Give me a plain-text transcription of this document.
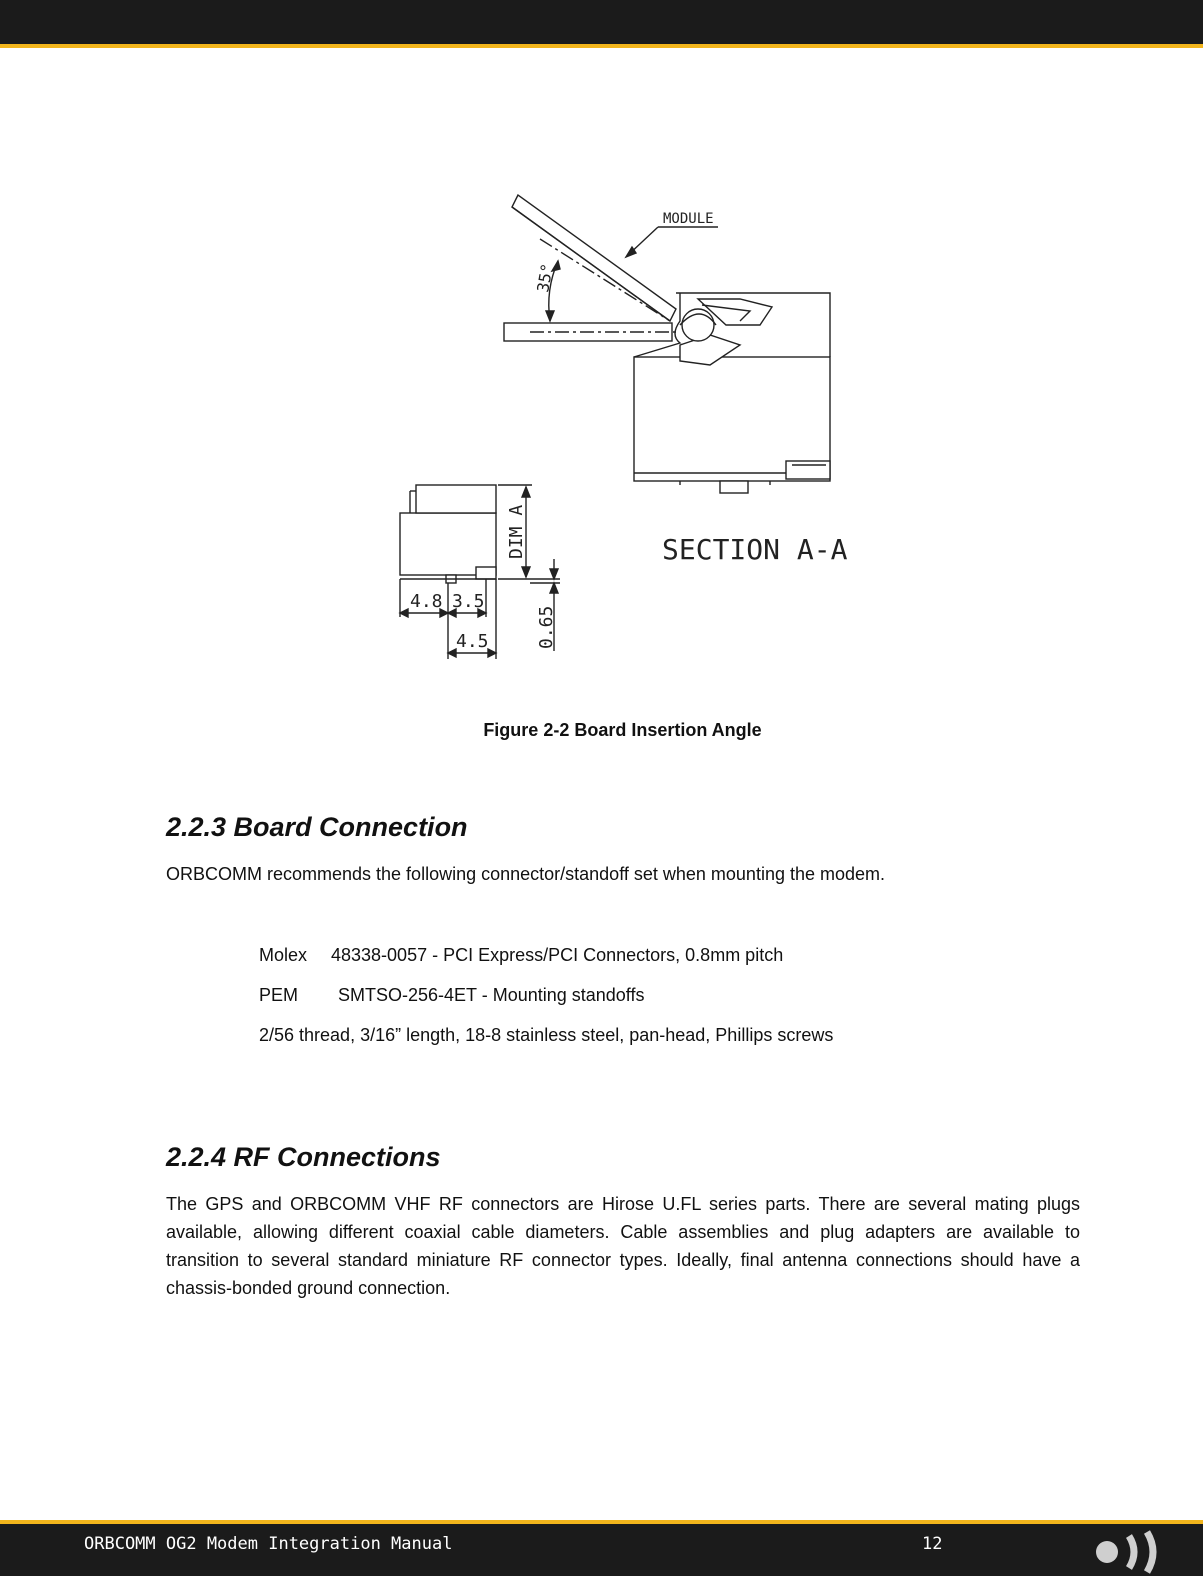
MODULE
35°
SECTION A-A
DIM A
0.65
4.8 3.5
4.5
Figure 2-2 Board Insertion Angle
2.2.3 Board Connection

ORBCOMM recommends the following connector/standoff set when mounting the modem.

Molex 48338-0057 - PCI Express/PCI Connectors, 0.8mm pitch
PEM SMTSO-256-4ET - Mounting standoffs
2/56 thread, 3/16” length, 18-8 stainless steel, pan-head, Phillips screws
2.2.4 RF Connections

The GPS and ORBCOMM VHF RF connectors are Hirose U.FL series parts. There are several mating plugs available, allowing different coaxial cable diameters. Cable assemblies and plug adapters are available to transition to several standard miniature RF connector types. Ideally, final antenna connections should have a chassis-bonded ground connection.

ORBCOMM OG2 Modem Integration Manual	12
